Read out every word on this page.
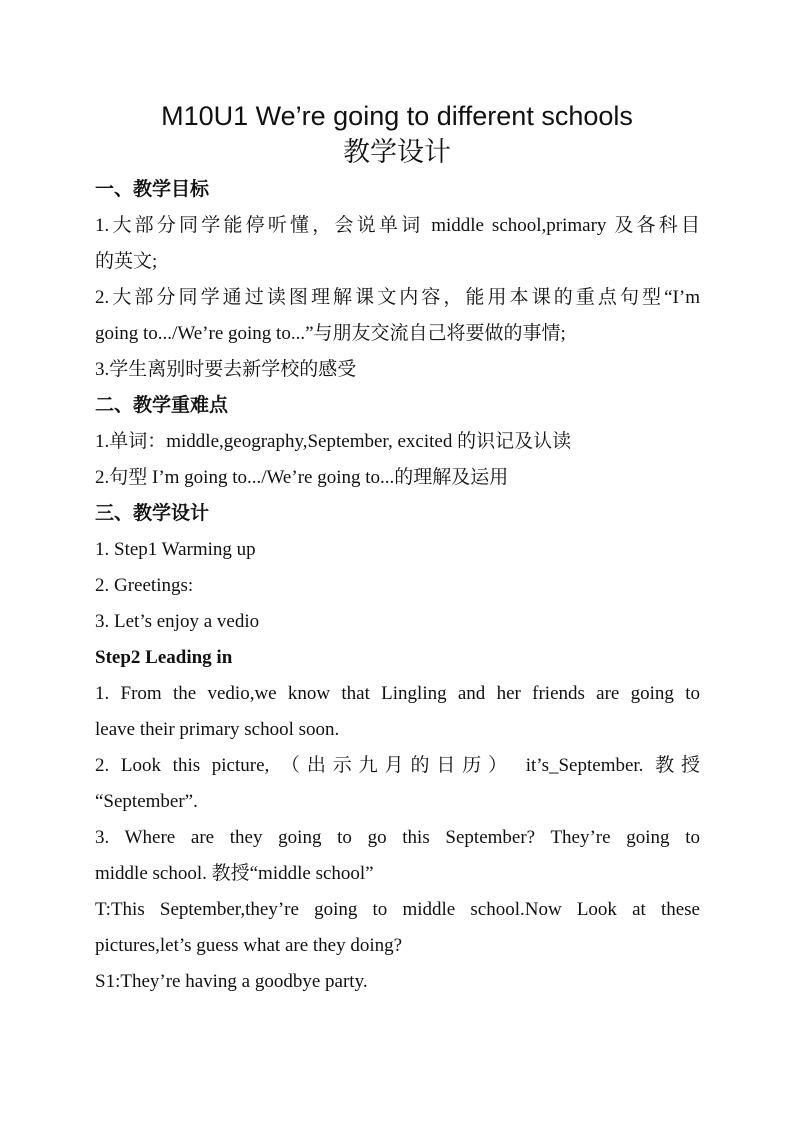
M10U1 We’re going to different schools
教学设计
一、教学目标
1.大部分同学能停听懂，会说单词 middle school,primary 及各科目
的英文;
2.大部分同学通过读图理解课文内容，能用本课的重点句型“I’m
going to.../We’re going to...”与朋友交流自己将要做的事情;
3.学生离别时要去新学校的感受
二、教学重难点
1.单词：middle,geography,September, excited 的识记及认读
2.句型 I’m going to.../We’re going to...的理解及运用
三、教学设计
1. Step1 Warming up
2. Greetings:
3. Let’s enjoy a vedio
Step2 Leading in
1. From the vedio,we know that Lingling and her friends are going to
leave their primary school soon.
2. Look this picture, （出示九月的日历） it’s_September. 教授
“September”.
3. Where are they going to go this September? They’re going to
middle school. 教授“middle school”
T:This September,they’re going to middle school.Now Look at these
pictures,let’s guess what are they doing?
S1:They’re having a goodbye party.
